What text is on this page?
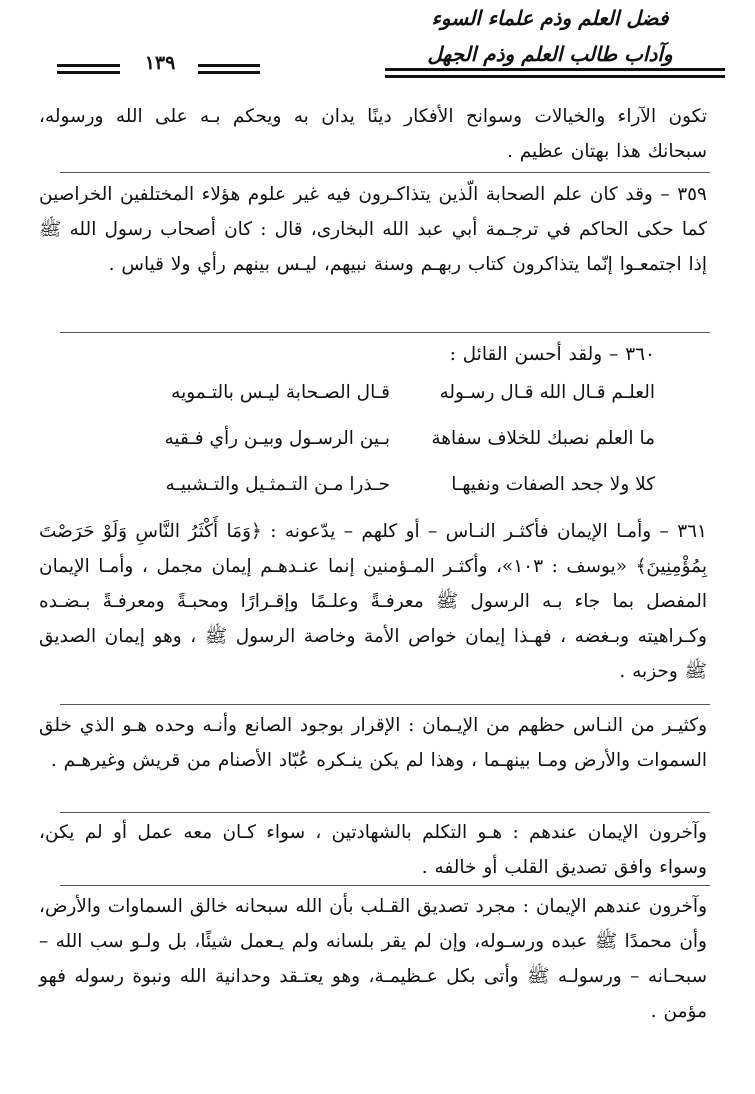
فضل العلم وذم علماء السوء
وآداب طالب العلم وذم الجهل
١٣٩

تكون الآراء والخيالات وسوانح الأفكار دينًا يدان به ويحكم بـه على الله ورسوله، سبحانك هذا بهتان عظيم .

٣٥٩ – وقد كان علم الصحابة الّذين يتذاكـرون فيه غير علوم هؤلاء المختلفين الخراصين كما حكى الحاكم في ترجـمة أبي عبد الله البخارى، قال : كان أصحاب رسول الله ﷺ إذا اجتمعـوا إنّما يتذاكرون كتاب ربهـم وسنة نبيهم، ليـس بينهم رأي ولا قياس .

٣٦٠ – ولقد أحسن القائل :

العلـم قـال الله قـال رسـوله
قـال الصـحابة ليـس بالتـمويه
ما العلم نصبك للخلاف سفاهة
بـين الرسـول وبيـن رأي فـقيه
كلا ولا جحد الصفات ونفيهـا
حـذرا مـن التـمثـيل والتـشبيـه

٣٦١ – وأمـا الإيمان فأكثـر النـاس – أو كلهم – يدّعونه : ﴿وَمَا أَكْثَرُ النَّاسِ وَلَوْ حَرَصْتَ بِمُؤْمِنِينَ﴾ «يوسف : ١٠٣»، وأكثـر المـؤمنين إنما عنـدهـم إيمان مجمل ، وأمـا الإيمان المفصل بما جاء بـه الرسول ﷺ معرفـةً وعلـمًا وإقـرارًا ومحبـةً ومعرفـةً بـضـده وكـراهيته وبـغضه ، فهـذا إيمان خواص الأمة وخاصة الرسول ﷺ ، وهو إيمان الصديق ﷺ وحزبه .

وكثيـر من النـاس حظهم من الإيـمان : الإقرار بوجود الصانع وأنـه وحده هـو الذي خلق السموات والأرض ومـا بينهـما ، وهذا لم يكن ينـكره عُبّاد الأصنام من قريش وغيرهـم .

وآخرون الإيمان عندهم : هـو التكلم بالشهادتين ، سواء كـان معه عمل أو لم يكن، وسواء وافق تصديق القلب أو خالفه .

وآخرون عندهم الإيمان : مجرد تصديق القـلب بأن الله سبحانه خالق السماوات والأرض، وأن محمدًا ﷺ عبده ورسـوله، وإن لم يقر بلسانه ولم يـعمل شيئًا، بل ولـو سب الله – سبحـانه – ورسولـه ﷺ وأتى بكل عـظيمـة، وهو يعتـقد وحدانية الله ونبوة رسوله فهو مؤمن .
